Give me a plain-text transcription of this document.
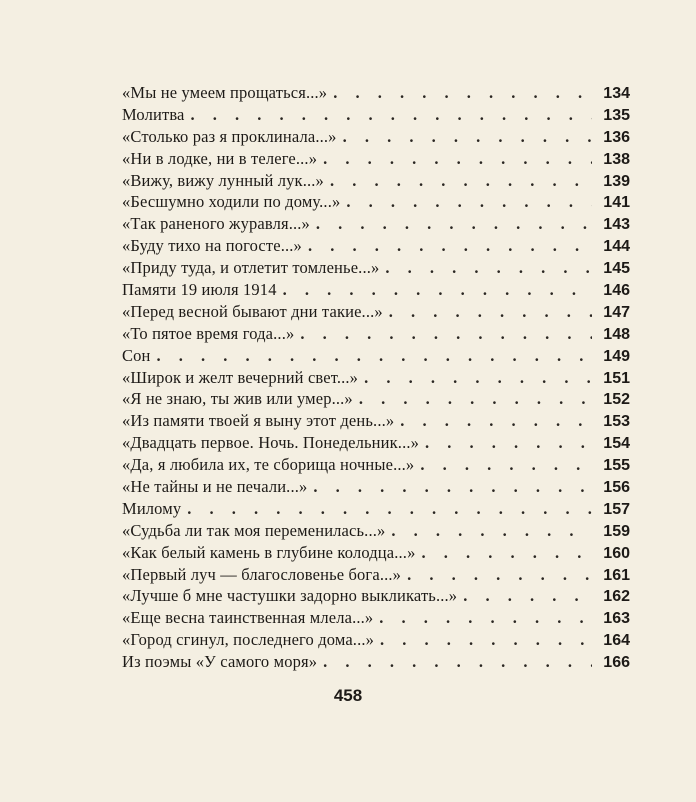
«Мы не умеем прощаться...» . . .	134
Молитва . . .	135
«Столько раз я проклинала...» . . .	136
«Ни в лодке, ни в телеге...» . . .	138
«Вижу, вижу лунный лук...» . . .	139
«Бесшумно ходили по дому...» . . .	141
«Так раненого журавля...» . . .	143
«Буду тихо на погосте...» . . .	144
«Приду туда, и отлетит томленье...» . . .	145
Памяти 19 июля 1914 . . .	146
«Перед весной бывают дни такие...» . . .	147
«То пятое время года...» . . .	148
Сон . . .	149
«Широк и желт вечерний свет...» . . .	151
«Я не знаю, ты жив или умер...» . . .	152
«Из памяти твоей я выну этот день...» . . .	153
«Двадцать первое. Ночь. Понедельник...» . . .	154
«Да, я любила их, те сборища ночные...» . . .	155
«Не тайны и не печали...» . . .	156
Милому . . .	157
«Судьба ли так моя переменилась...» . . .	159
«Как белый камень в глубине колодца...» . . .	160
«Первый луч — благословенье бога...» . . .	161
«Лучше б мне частушки задорно выкликать...» . . .	162
«Еще весна таинственная млела...» . . .	163
«Город сгинул, последнего дома...» . . .	164
Из поэмы «У самого моря» . . .	166
458
